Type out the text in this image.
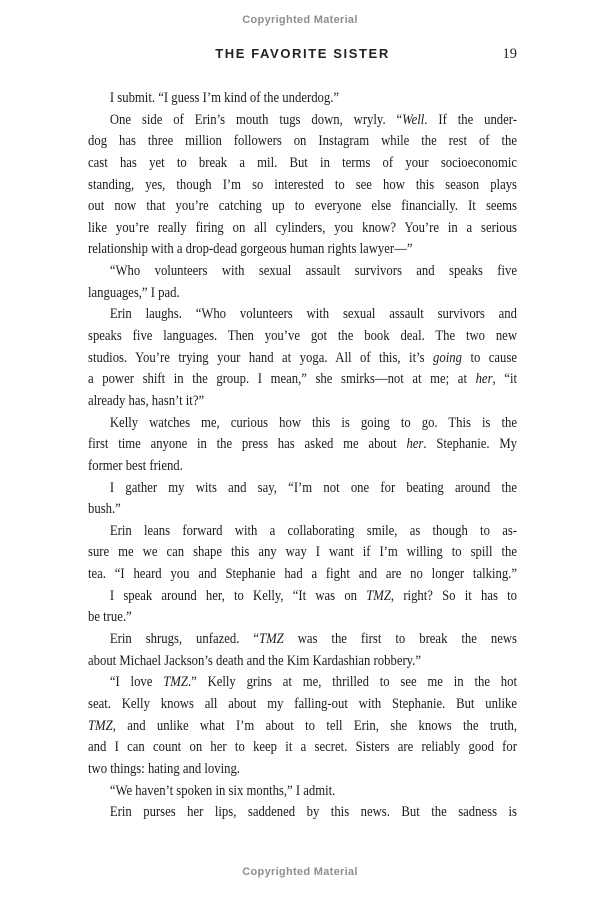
Copyrighted Material
THE FAVORITE SISTER	19
I submit. “I guess I’m kind of the underdog.”
One side of Erin’s mouth tugs down, wryly. “Well. If the under-
dog has three million followers on Instagram while the rest of the
cast has yet to break a mil. But in terms of your socioeconomic
standing, yes, though I’m so interested to see how this season plays
out now that you’re catching up to everyone else financially. It seems
like you’re really firing on all cylinders, you know? You’re in a serious
relationship with a drop-dead gorgeous human rights lawyer—”
“Who volunteers with sexual assault survivors and speaks five
languages,” I pad.
Erin laughs. “Who volunteers with sexual assault survivors and
speaks five languages. Then you’ve got the book deal. The two new
studios. You’re trying your hand at yoga. All of this, it’s going to cause
a power shift in the group. I mean,” she smirks—not at me; at her, “it
already has, hasn’t it?”
Kelly watches me, curious how this is going to go. This is the
first time anyone in the press has asked me about her. Stephanie. My
former best friend.
I gather my wits and say, “I’m not one for beating around the
bush.”
Erin leans forward with a collaborating smile, as though to as-
sure me we can shape this any way I want if I’m willing to spill the
tea. “I heard you and Stephanie had a fight and are no longer talking.”
I speak around her, to Kelly, “It was on TMZ, right? So it has to
be true.”
Erin shrugs, unfazed. “TMZ was the first to break the news
about Michael Jackson’s death and the Kim Kardashian robbery.”
“I love TMZ.” Kelly grins at me, thrilled to see me in the hot
seat. Kelly knows all about my falling-out with Stephanie. But unlike
TMZ, and unlike what I’m about to tell Erin, she knows the truth,
and I can count on her to keep it a secret. Sisters are reliably good for
two things: hating and loving.
“We haven’t spoken in six months,” I admit.
Erin purses her lips, saddened by this news. But the sadness is
Copyrighted Material
